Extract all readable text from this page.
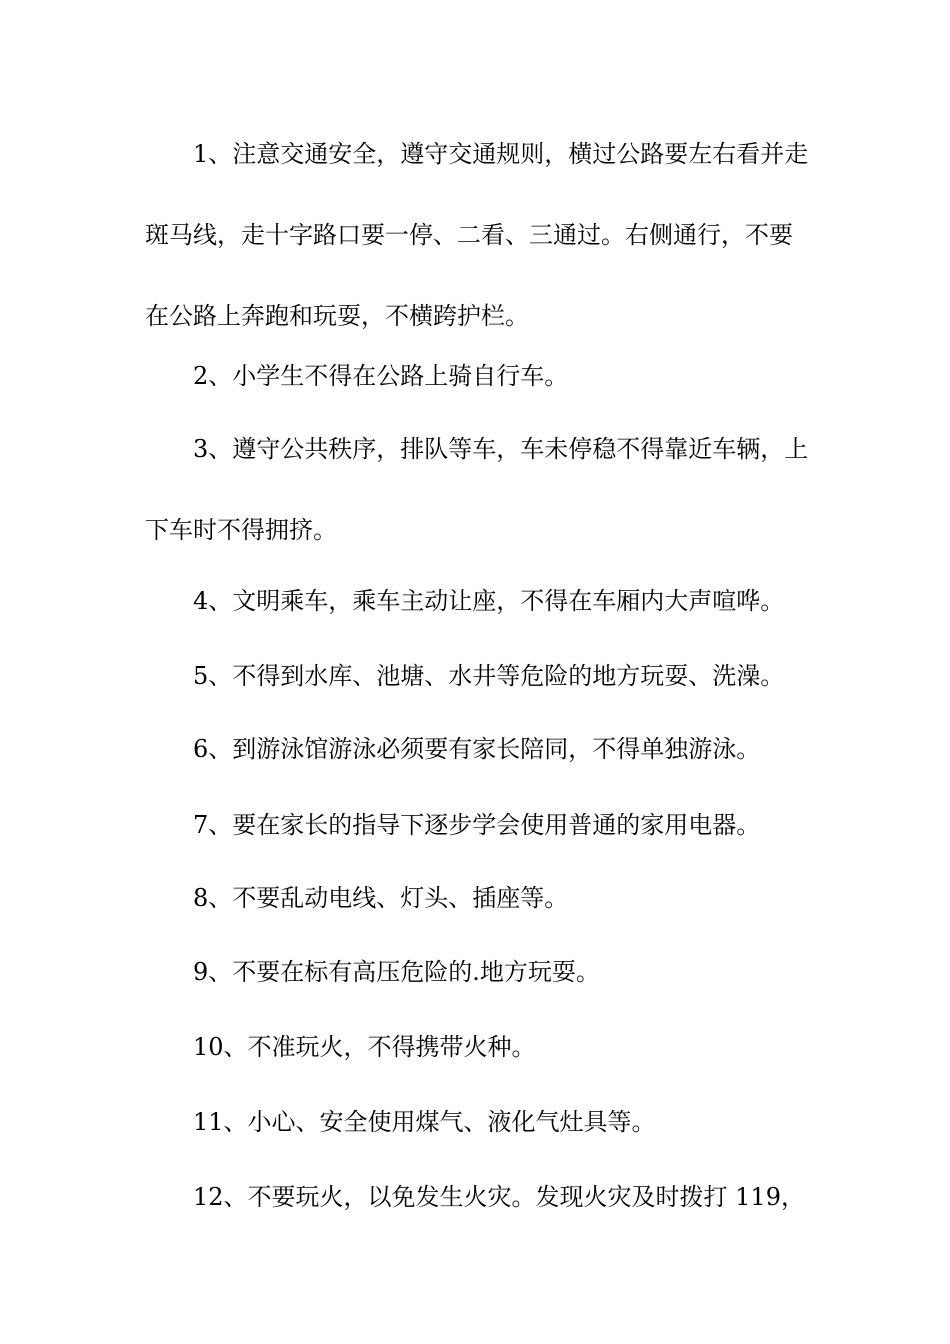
1、注意交通安全，遵守交通规则，横过公路要左右看并走斑马线，走十字路口要一停、二看、三通过。右侧通行，不要在公路上奔跑和玩耍，不横跨护栏。

2、小学生不得在公路上骑自行车。

3、遵守公共秩序，排队等车，车未停稳不得靠近车辆，上下车时不得拥挤。

4、文明乘车，乘车主动让座，不得在车厢内大声喧哗。

5、不得到水库、池塘、水井等危险的地方玩耍、洗澡。

6、到游泳馆游泳必须要有家长陪同，不得单独游泳。

7、要在家长的指导下逐步学会使用普通的家用电器。

8、不要乱动电线、灯头、插座等。

9、不要在标有高压危险的.地方玩耍。

10、不准玩火，不得携带火种。

11、小心、安全使用煤气、液化气灶具等。

12、不要玩火，以免发生火灾。发现火灾及时拨打 119，
